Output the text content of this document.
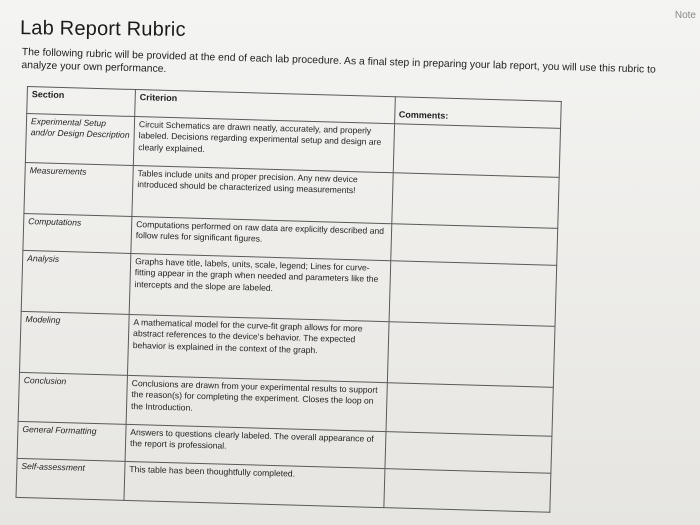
Note
Lab Report Rubric
The following rubric will be provided at the end of each lab procedure. As a final step in preparing your lab report, you will use this rubric to analyze your own performance.
Section	Criterion	Comments:
Experimental Setup and/or Design Description	Circuit Schematics are drawn neatly, accurately, and properly labeled. Decisions regarding experimental setup and design are clearly explained.	
Measurements	Tables include units and proper precision. Any new device introduced should be characterized using measurements!	
Computations	Computations performed on raw data are explicitly described and follow rules for significant figures.	
Analysis	Graphs have title, labels, units, scale, legend; Lines for curve-fitting appear in the graph when needed and parameters like the intercepts and the slope are labeled.	
Modeling	A mathematical model for the curve-fit graph allows for more abstract references to the device's behavior. The expected behavior is explained in the context of the graph.	
Conclusion	Conclusions are drawn from your experimental results to support the reason(s) for completing the experiment. Closes the loop on the Introduction.	
General Formatting	Answers to questions clearly labeled. The overall appearance of the report is professional.	
Self-assessment	This table has been thoughtfully completed.	
